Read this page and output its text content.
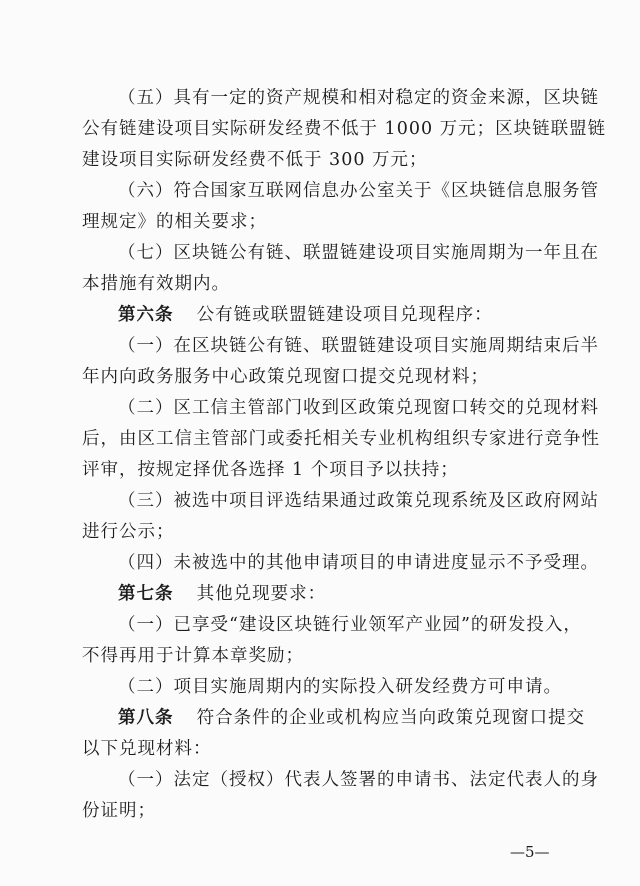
（五）具有一定的资产规模和相对稳定的资金来源，区块链
公有链建设项目实际研发经费不低于 1000 万元；区块链联盟链
建设项目实际研发经费不低于 300 万元；
（六）符合国家互联网信息办公室关于《区块链信息服务管
理规定》的相关要求；
（七）区块链公有链、联盟链建设项目实施周期为一年且在
本措施有效期内。
第六条 公有链或联盟链建设项目兑现程序：
（一）在区块链公有链、联盟链建设项目实施周期结束后半
年内向政务服务中心政策兑现窗口提交兑现材料；
（二）区工信主管部门收到区政策兑现窗口转交的兑现材料
后，由区工信主管部门或委托相关专业机构组织专家进行竞争性
评审，按规定择优各选择 1 个项目予以扶持；
（三）被选中项目评选结果通过政策兑现系统及区政府网站
进行公示；
（四）未被选中的其他申请项目的申请进度显示不予受理。
第七条 其他兑现要求：
（一）已享受“建设区块链行业领军产业园”的研发投入，
不得再用于计算本章奖励；
（二）项目实施周期内的实际投入研发经费方可申请。
第八条 符合条件的企业或机构应当向政策兑现窗口提交
以下兑现材料：
（一）法定（授权）代表人签署的申请书、法定代表人的身
份证明；
—5—
